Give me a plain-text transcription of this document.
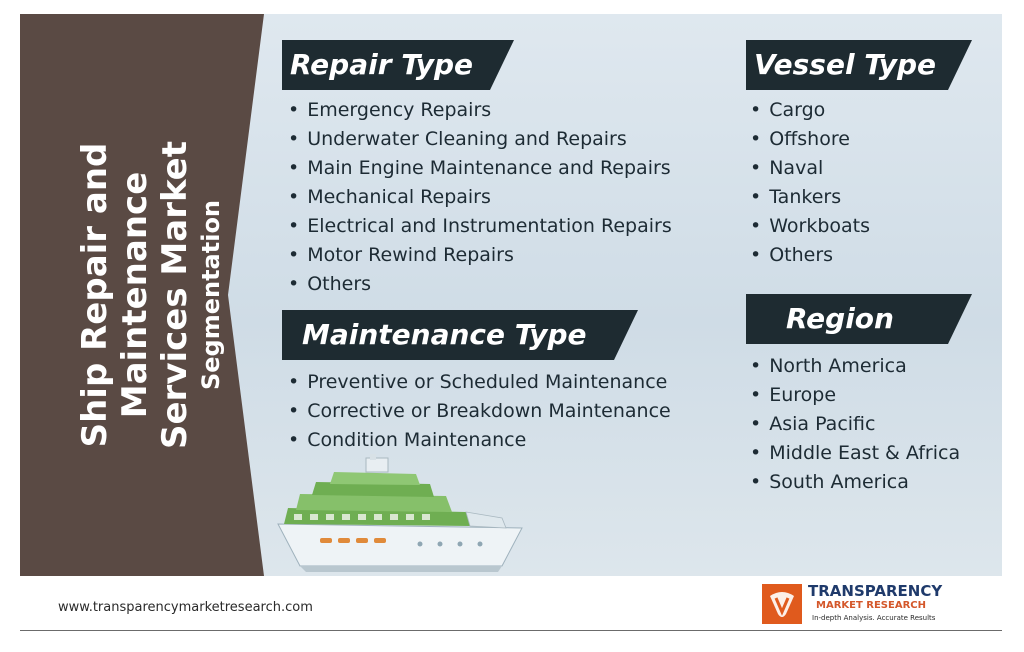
Ship Repair and Maintenance Services Market Segmentation
Repair Type
• Emergency Repairs
• Underwater Cleaning and Repairs
• Main Engine Maintenance and Repairs
• Mechanical Repairs
• Electrical and Instrumentation Repairs
• Motor Rewind Repairs
• Others
Maintenance Type
• Preventive or Scheduled Maintenance
• Corrective or Breakdown Maintenance
• Condition Maintenance
Vessel Type
• Cargo
• Offshore
• Naval
• Tankers
• Workboats
• Others
Region
• North America
• Europe
• Asia Pacific
• Middle East & Africa
• South America
www.transparencymarketresearch.com
TRANSPARENCY
MARKET RESEARCH
In-depth Analysis. Accurate Results
